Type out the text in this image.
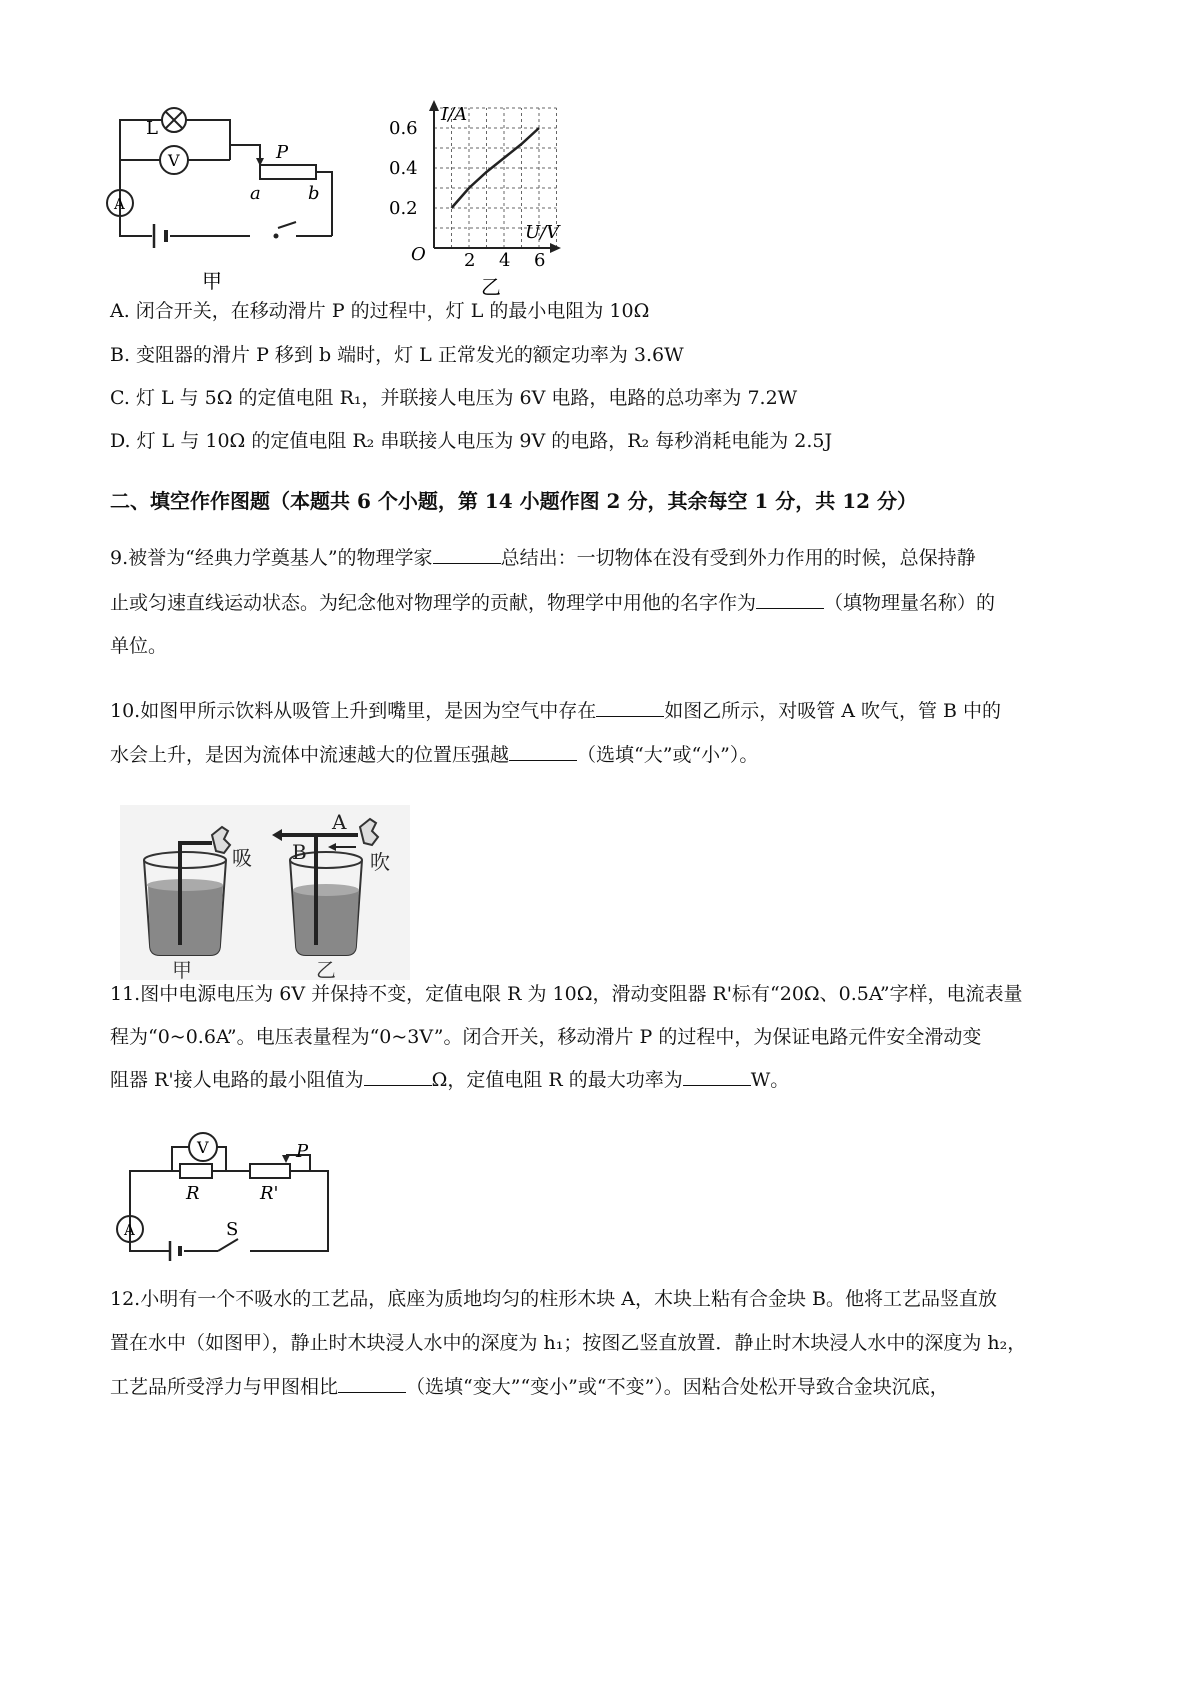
L
V
A
P
a	b
甲
I/A
U/V
O
0.6
0.4
0.2
2 4 6
乙
A. 闭合开关，在移动滑片 P 的过程中，灯 L 的最小电阻为 10Ω
B. 变阻器的滑片 P 移到 b 端时，灯 L 正常发光的额定功率为 3.6W
C. 灯 L 与 5Ω 的定值电阻 R₁，并联接人电压为 6V 电路，电路的总功率为 7.2W
D. 灯 L 与 10Ω 的定值电阻 R₂ 串联接人电压为 9V 的电路，R₂ 每秒消耗电能为 2.5J
二、填空作作图题（本题共 6 个小题，第 14 小题作图 2 分，其余每空 1 分，共 12 分）
9.被誉为“经典力学奠基人”的物理学家	总结出：一切物体在没有受到外力作用的时候，总保持静
止或匀速直线运动状态。为纪念他对物理学的贡献，物理学中用他的名字作为	（填物理量名称）的
单位。
10.如图甲所示饮料从吸管上升到嘴里，是因为空气中存在	如图乙所示，对吸管 A 吹气，管 B 中的
水会上升，是因为流体中流速越大的位置压强越	（选填“大”或“小”）。
吸
甲
A
B	吹
乙
11.图中电源电压为 6V 并保持不变，定值电限 R 为 10Ω，滑动变阻器 R'标有“20Ω、0.5A”字样，电流表量
程为“0~0.6A”。电压表量程为“0~3V”。闭合开关，移动滑片 P 的过程中，为保证电路元件安全滑动变
阻器 R'接人电路的最小阻值为	Ω，定值电阻 R 的最大功率为	W。
V
A
R	R'
P
S
12.小明有一个不吸水的工艺品，底座为质地均匀的柱形木块 A，木块上粘有合金块 B。他将工艺品竖直放
置在水中（如图甲），静止时木块浸人水中的深度为 h₁；按图乙竖直放置．静止时木块浸人水中的深度为 h₂，
工艺品所受浮力与甲图相比	（选填“变大”“变小”或“不变”）。因粘合处松开导致合金块沉底，
